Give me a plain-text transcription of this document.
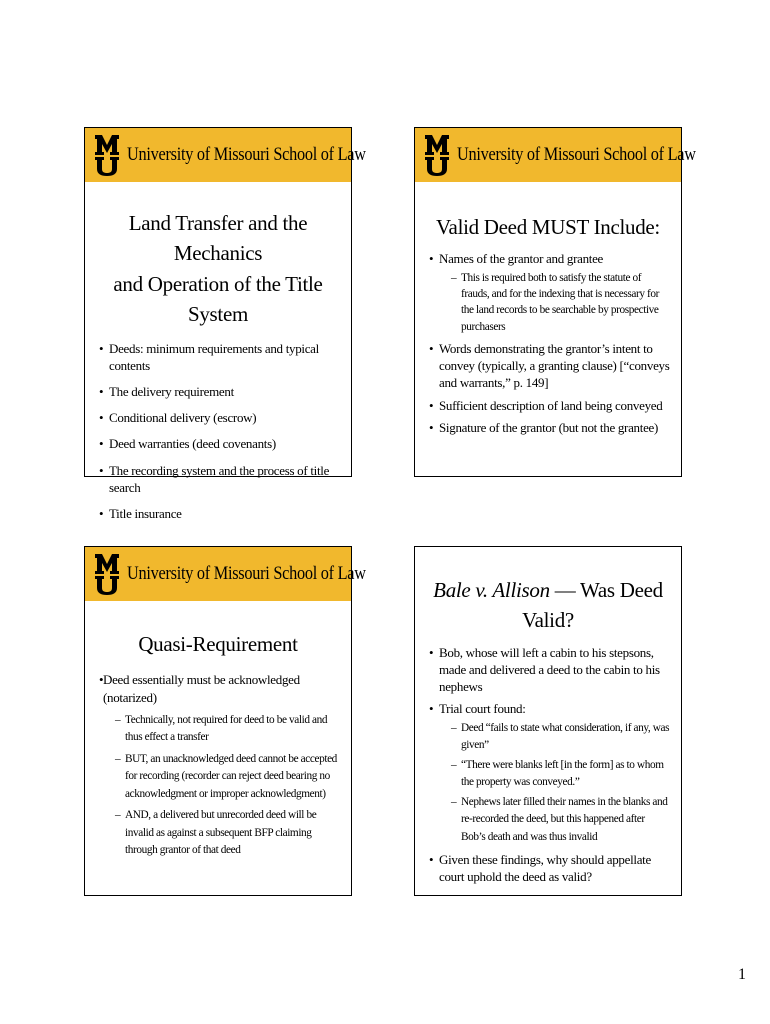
University of Missouri School of Law
Land Transfer and the Mechanics
and Operation of the Title System
• Deeds: minimum requirements and typical contents
• The delivery requirement
• Conditional delivery (escrow)
• Deed warranties (deed covenants)
• The recording system and the process of title search
• Title insurance
University of Missouri School of Law
Valid Deed MUST Include:
• Names of the grantor and grantee
– This is required both to satisfy the statute of frauds, and for the indexing that is necessary for the land records to be searchable by prospective purchasers
• Words demonstrating the grantor’s intent to convey (typically, a granting clause) [“conveys and warrants,” p. 149]
• Sufficient description of land being conveyed
• Signature of the grantor (but not the grantee)
University of Missouri School of Law
Quasi-Requirement
• Deed essentially must be acknowledged (notarized)
– Technically, not required for deed to be valid and thus effect a transfer
– BUT, an unacknowledged deed cannot be accepted for recording (recorder can reject deed bearing no acknowledgment or improper acknowledgment)
– AND, a delivered but unrecorded deed will be invalid as against a subsequent BFP claiming through grantor of that deed
Bale v. Allison — Was Deed Valid?
• Bob, whose will left a cabin to his stepsons, made and delivered a deed to the cabin to his nephews
• Trial court found:
– Deed “fails to state what consideration, if any, was given”
– “There were blanks left [in the form] as to whom the property was conveyed.”
– Nephews later filled their names in the blanks and re-recorded the deed, but this happened after Bob’s death and was thus invalid
• Given these findings, why should appellate court uphold the deed as valid?
1
